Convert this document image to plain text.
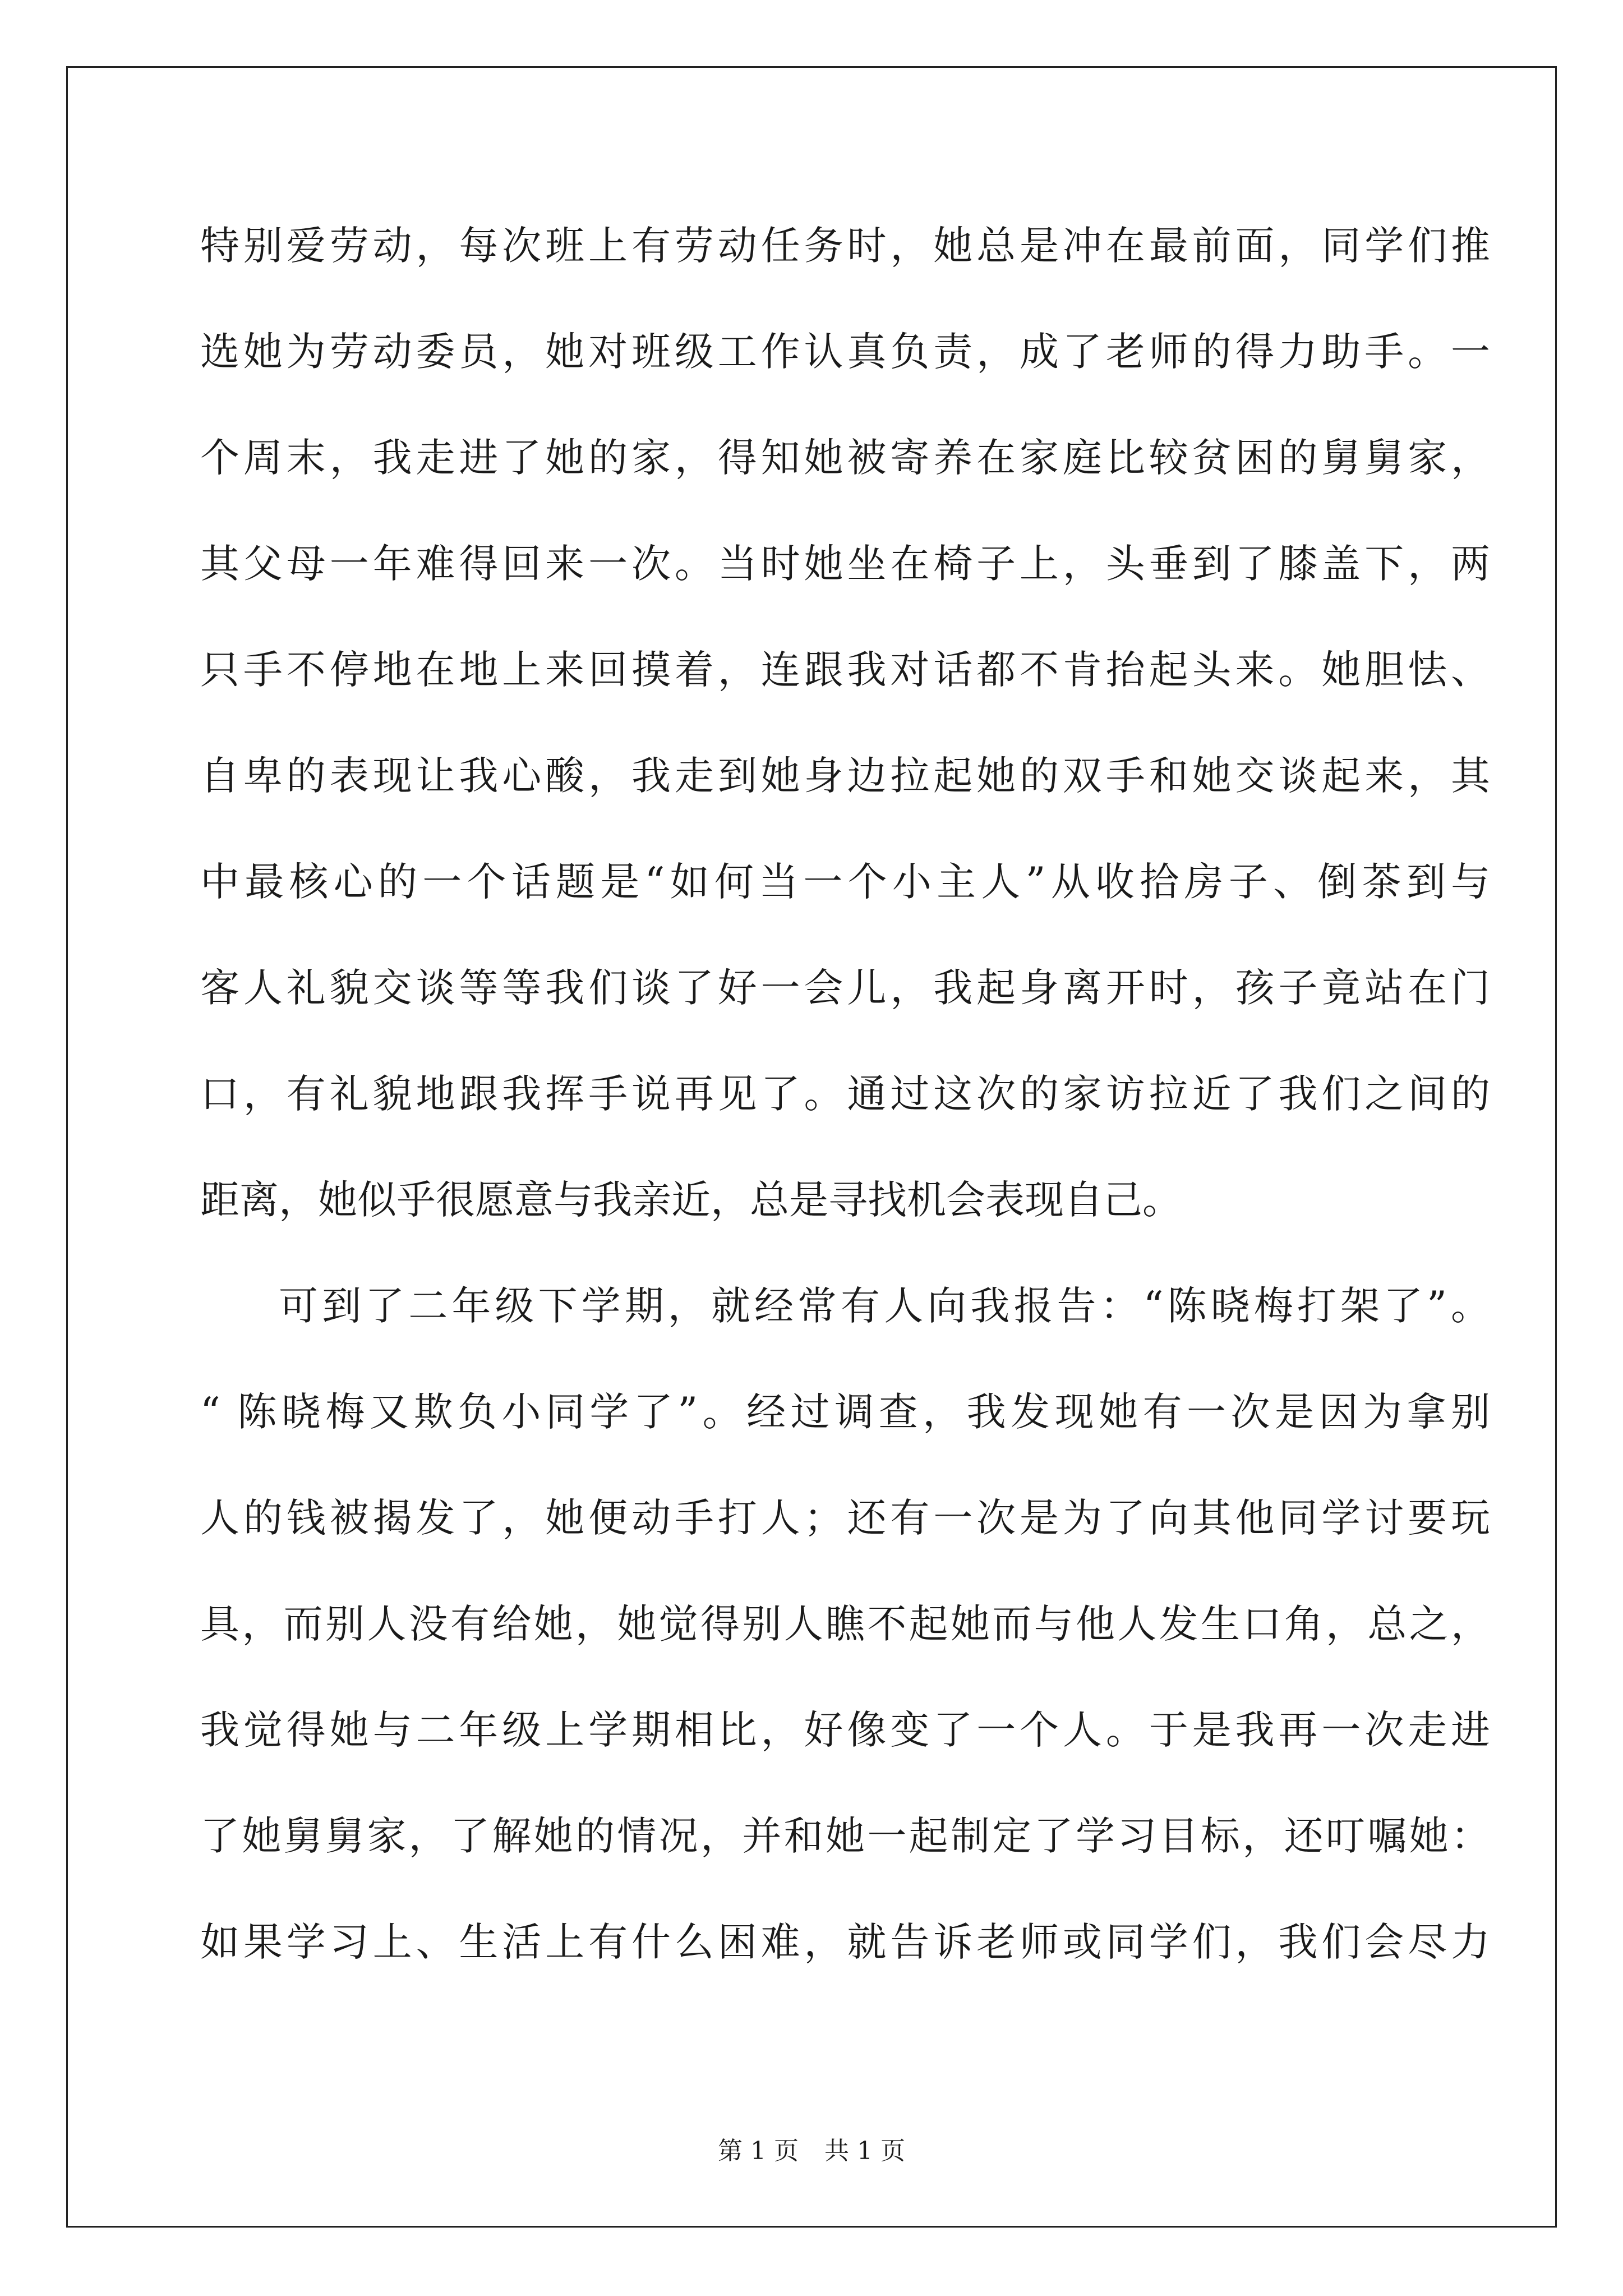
特别爱劳动，每次班上有劳动任务时，她总是冲在最前面，同学们推
选她为劳动委员，她对班级工作认真负责，成了老师的得力助手。一
个周末，我走进了她的家，得知她被寄养在家庭比较贫困的舅舅家，
其父母一年难得回来一次。当时她坐在椅子上，头垂到了膝盖下，两
只手不停地在地上来回摸着，连跟我对话都不肯抬起头来。她胆怯、
自卑的表现让我心酸，我走到她身边拉起她的双手和她交谈起来，其
中最核心的一个话题是“如何当一个小主人”从收拾房子、倒茶到与
客人礼貌交谈等等我们谈了好一会儿，我起身离开时，孩子竟站在门
口，有礼貌地跟我挥手说再见了。通过这次的家访拉近了我们之间的
距离，她似乎很愿意与我亲近，总是寻找机会表现自己。
可到了二年级下学期，就经常有人向我报告：“陈晓梅打架了”。
“ 陈晓梅又欺负小同学了”。经过调查，我发现她有一次是因为拿别
人的钱被揭发了，她便动手打人；还有一次是为了向其他同学讨要玩
具，而别人没有给她，她觉得别人瞧不起她而与他人发生口角，总之，
我觉得她与二年级上学期相比，好像变了一个人。于是我再一次走进
了她舅舅家，了解她的情况，并和她一起制定了学习目标，还叮嘱她：
如果学习上、生活上有什么困难，就告诉老师或同学们，我们会尽力
第 1 页 共 1 页
